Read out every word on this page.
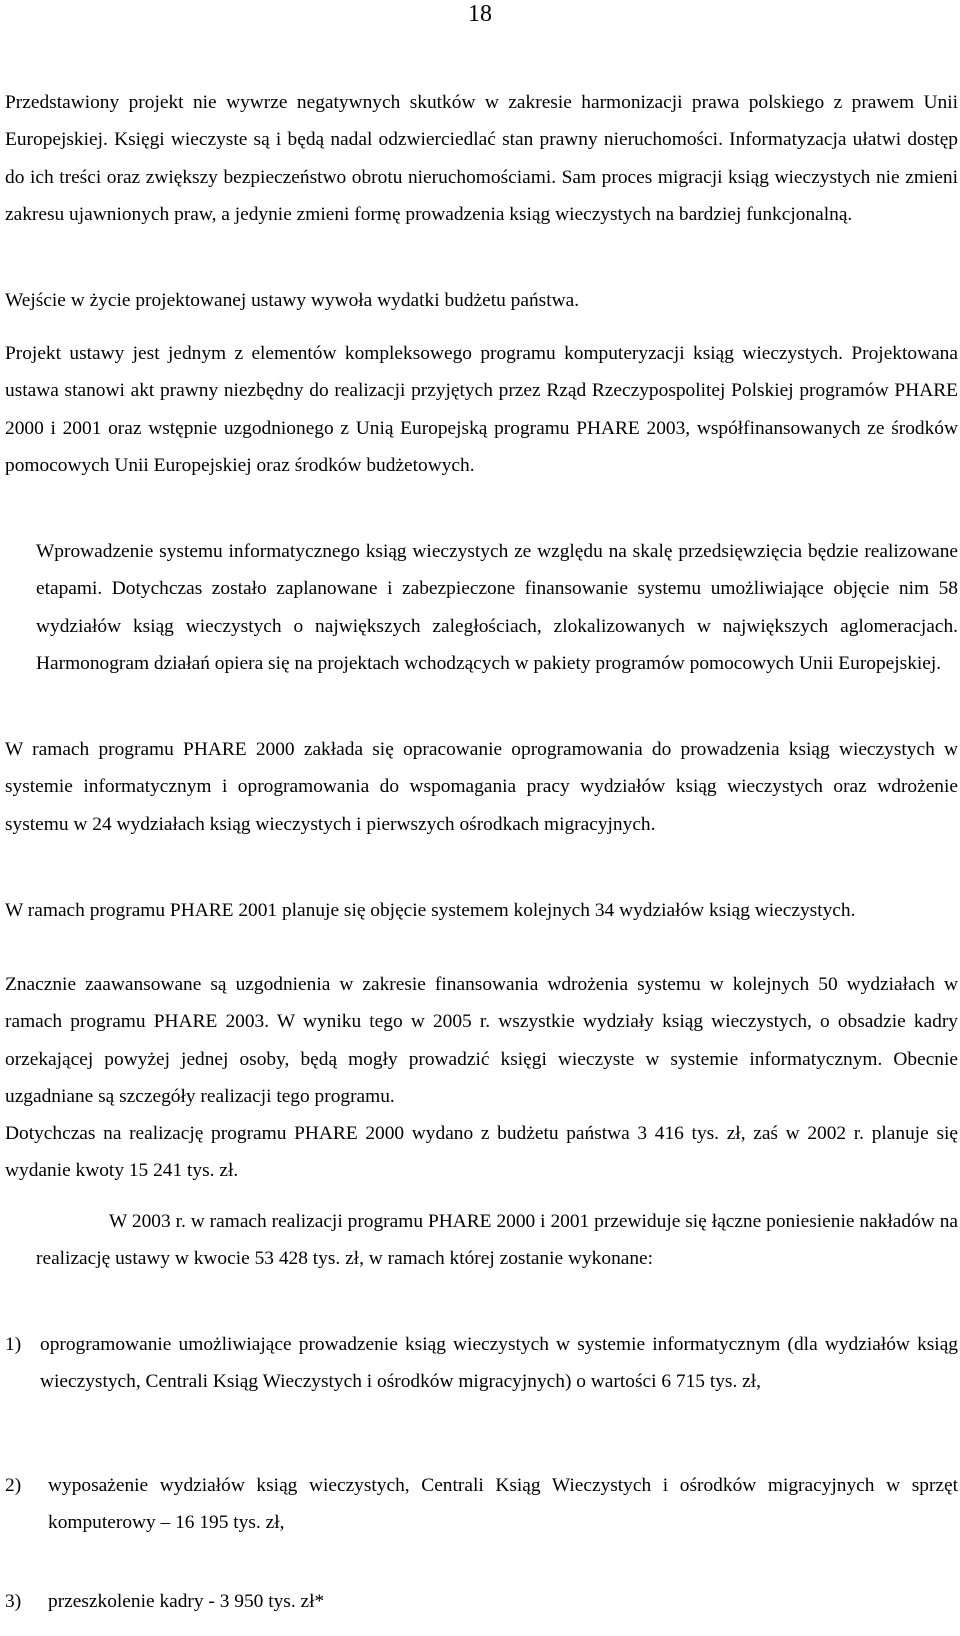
18
Przedstawiony projekt nie wywrze negatywnych skutków w zakresie harmonizacji prawa polskiego z prawem Unii Europejskiej. Księgi wieczyste są i będą nadal odzwierciedlać stan prawny nieruchomości. Informatyzacja ułatwi dostęp do ich treści oraz zwiększy bezpieczeństwo obrotu nieruchomościami. Sam proces migracji ksiąg wieczystych nie zmieni zakresu ujawnionych praw, a jedynie zmieni formę prowadzenia ksiąg wieczystych na bardziej funkcjonalną.
Wejście w życie projektowanej ustawy wywoła wydatki budżetu państwa.
Projekt ustawy jest jednym z elementów kompleksowego programu komputeryzacji ksiąg wieczystych. Projektowana ustawa stanowi akt prawny niezbędny do realizacji przyjętych przez Rząd Rzeczypospolitej Polskiej programów PHARE 2000 i 2001 oraz wstępnie uzgodnionego z Unią Europejską programu PHARE 2003, współfinansowanych ze środków pomocowych Unii Europejskiej oraz środków budżetowych.
Wprowadzenie systemu informatycznego ksiąg wieczystych ze względu na skalę przedsięwzięcia będzie realizowane etapami. Dotychczas zostało zaplanowane i zabezpieczone finansowanie systemu umożliwiające objęcie nim 58 wydziałów ksiąg wieczystych o największych zaległościach, zlokalizowanych w największych aglomeracjach. Harmonogram działań opiera się na projektach wchodzących w pakiety programów pomocowych Unii Europejskiej.
W ramach programu PHARE 2000 zakłada się opracowanie oprogramowania do prowadzenia ksiąg wieczystych w systemie informatycznym i oprogramowania do wspomagania pracy wydziałów ksiąg wieczystych oraz wdrożenie systemu w 24 wydziałach ksiąg wieczystych i pierwszych ośrodkach migracyjnych.
W ramach programu PHARE 2001 planuje się objęcie systemem kolejnych 34 wydziałów ksiąg wieczystych.
Znacznie zaawansowane są uzgodnienia w zakresie finansowania wdrożenia systemu w kolejnych 50 wydziałach w ramach programu PHARE 2003. W wyniku tego w 2005 r. wszystkie wydziały ksiąg wieczystych, o obsadzie kadry orzekającej powyżej jednej osoby, będą mogły prowadzić księgi wieczyste w systemie informatycznym. Obecnie uzgadniane są szczegóły realizacji tego programu.
Dotychczas na realizację programu PHARE 2000 wydano z budżetu państwa 3 416 tys. zł, zaś w 2002 r. planuje się wydanie kwoty 15 241 tys. zł.
W 2003 r. w ramach realizacji programu PHARE 2000 i 2001 przewiduje się łączne poniesienie nakładów na realizację ustawy w kwocie 53 428 tys. zł, w ramach której zostanie wykonane:
1) oprogramowanie umożliwiające prowadzenie ksiąg wieczystych w systemie informatycznym (dla wydziałów ksiąg wieczystych, Centrali Ksiąg Wieczystych i ośrodków migracyjnych) o wartości 6 715 tys. zł,
2) wyposażenie wydziałów ksiąg wieczystych, Centrali Ksiąg Wieczystych i ośrodków migracyjnych w sprzęt komputerowy – 16 195 tys. zł,
3) przeszkolenie kadry - 3 950 tys. zł*
